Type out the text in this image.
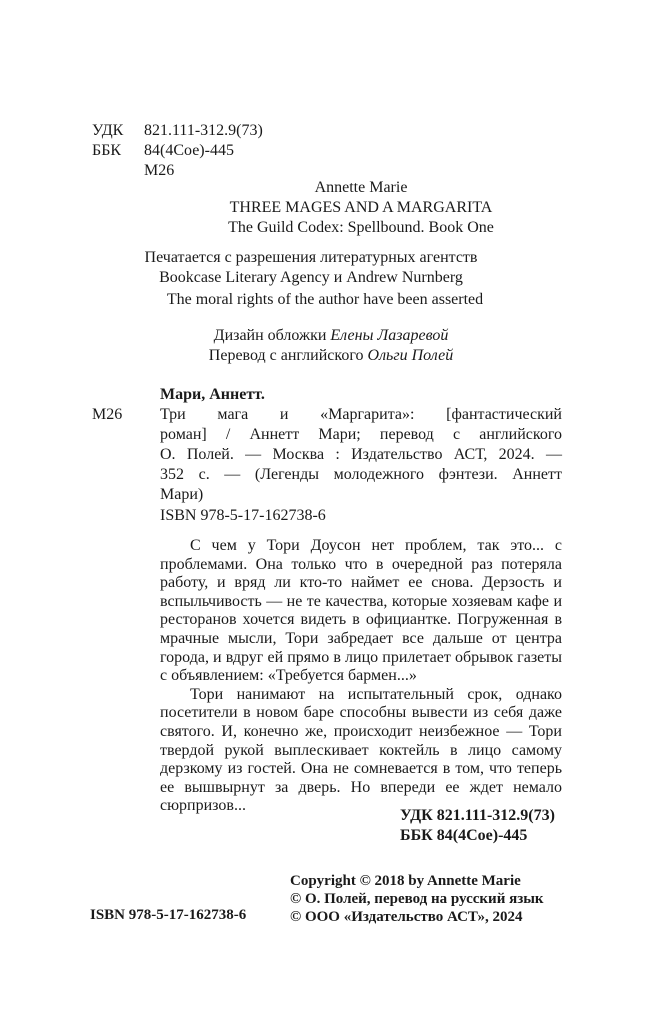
УДК	821.111-312.9(73)
ББК	84(4Сое)-445
М26
Annette Marie
THREE MAGES AND A MARGARITA
The Guild Codex: Spellbound. Book One
Печатается с разрешения литературных агентств
Bookcase Literary Agency и Andrew Nurnberg
The moral rights of the author have been asserted
Дизайн обложки Елены Лазаревой
Перевод с английского Ольги Полей
Мари, Аннетт.
М26 Три мага и «Маргарита»: [фантастический
роман] / Аннетт Мари; перевод с английского
О. Полей. — Москва : Издательство АСТ, 2024. —
352 с. — (Легенды молодежного фэнтези. Аннетт
Мари)
ISBN 978-5-17-162738-6

С чем у Тори Доусон нет проблем, так это... с проблемами. Она только что в очередной раз потеряла работу, и вряд ли кто-то наймет ее снова. Дерзость и вспыльчивость — не те качества, которые хозяевам кафе и ресторанов хочется видеть в официантке. Погруженная в мрачные мысли, Тори забредает все дальше от центра города, и вдруг ей прямо в лицо прилетает обрывок газеты с объявлением: «Требуется бармен...»

Тори нанимают на испытательный срок, однако посетители в новом баре способны вывести из себя даже святого. И, конечно же, происходит неизбежное — Тори твердой рукой выплескивает коктейль в лицо самому дерзкому из гостей. Она не сомневается в том, что теперь ее вышвырнут за дверь. Но впереди ее ждет немало сюрпризов...

УДК 821.111-312.9(73)
ББК 84(4Сое)-445
ISBN 978-5-17-162738-6
Copyright © 2018 by Annette Marie
© О. Полей, перевод на русский язык
© ООО «Издательство АСТ», 2024
